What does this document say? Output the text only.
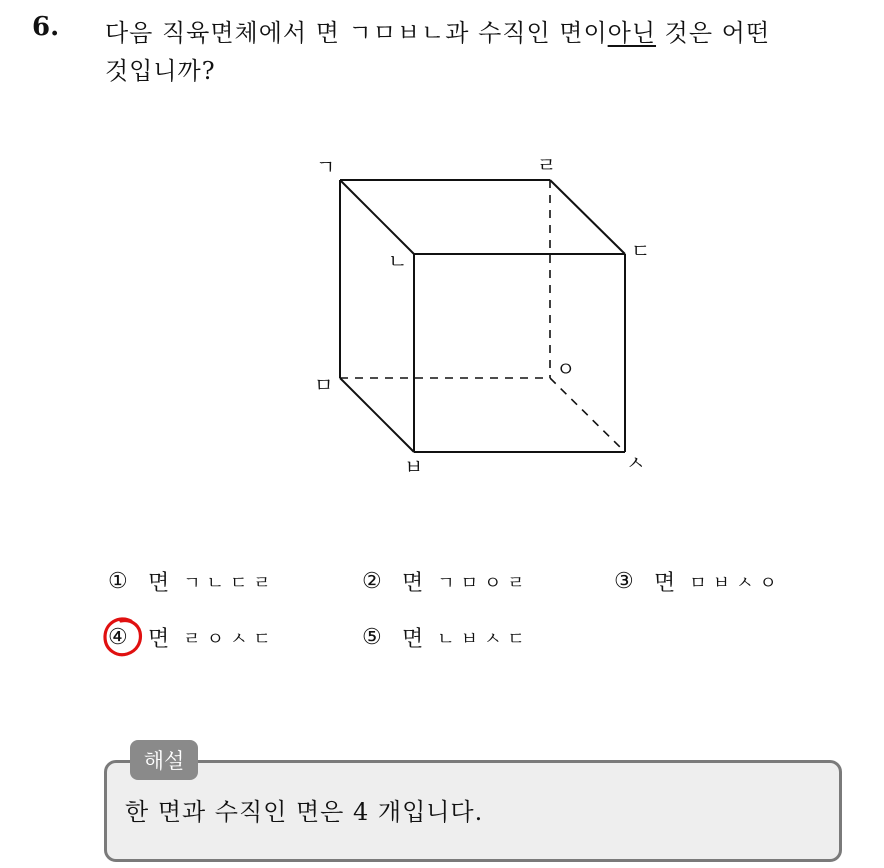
6. 다음 직육면체에서 면 ㄱㅁㅂㄴ과 수직인 면이아닌 것은 어떤
것입니까?
ㄱ	ㄹ
ㄷ
ㄴ
ㅁ
ㅇ
ㅅ
ㅂ
① 면 ㄱㄴㄷㄹ	② 면 ㄱㅁㅇㄹ	③ 면 ㅁㅂㅅㅇ
④ 면 ㄹㅇㅅㄷ	⑤ 면 ㄴㅂㅅㄷ
해설
한 면과 수직인 면은 4 개입니다.
